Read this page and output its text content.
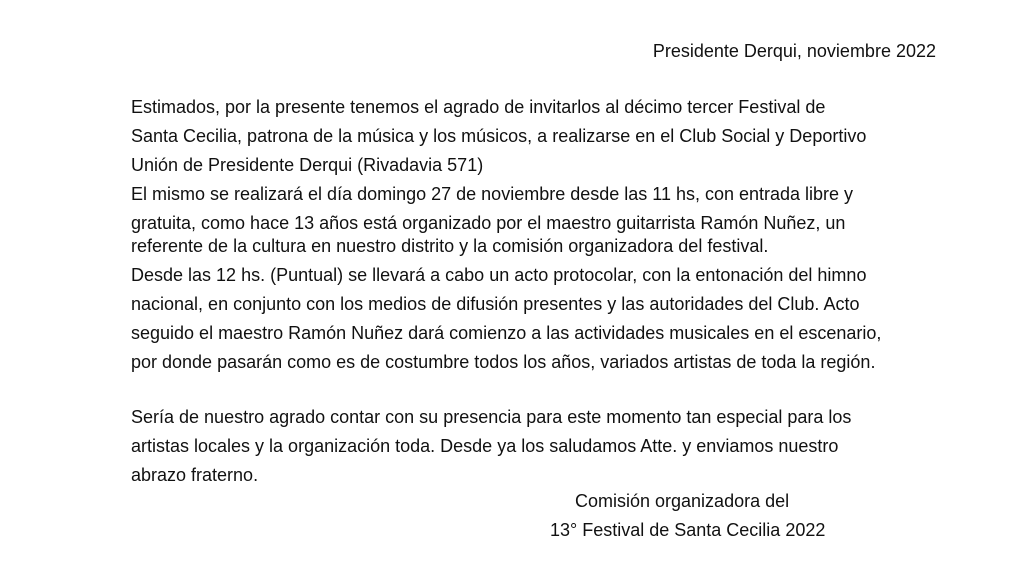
Presidente Derqui, noviembre 2022
Estimados, por la presente tenemos el agrado de invitarlos al décimo tercer Festival de
Santa Cecilia, patrona de la música y los músicos, a realizarse en el Club Social y Deportivo
Unión de Presidente Derqui (Rivadavia 571)
El mismo se realizará el día domingo 27 de noviembre desde las 11 hs, con entrada libre y
gratuita, como hace 13 años está organizado por el maestro guitarrista Ramón Nuñez, un
referente de la cultura en nuestro distrito y la comisión organizadora del festival.
Desde las 12 hs. (Puntual) se llevará a cabo un acto protocolar, con la entonación del himno
nacional, en conjunto con los medios de difusión presentes y las autoridades del Club. Acto
seguido el maestro Ramón Nuñez dará comienzo a las actividades musicales en el escenario,
por donde pasarán como es de costumbre todos los años, variados artistas de toda la región.
Sería de nuestro agrado contar con su presencia para este momento tan especial para los
artistas locales y la organización toda. Desde ya los saludamos Atte. y enviamos nuestro
abrazo fraterno.
Comisión organizadora del
13° Festival de Santa Cecilia 2022
